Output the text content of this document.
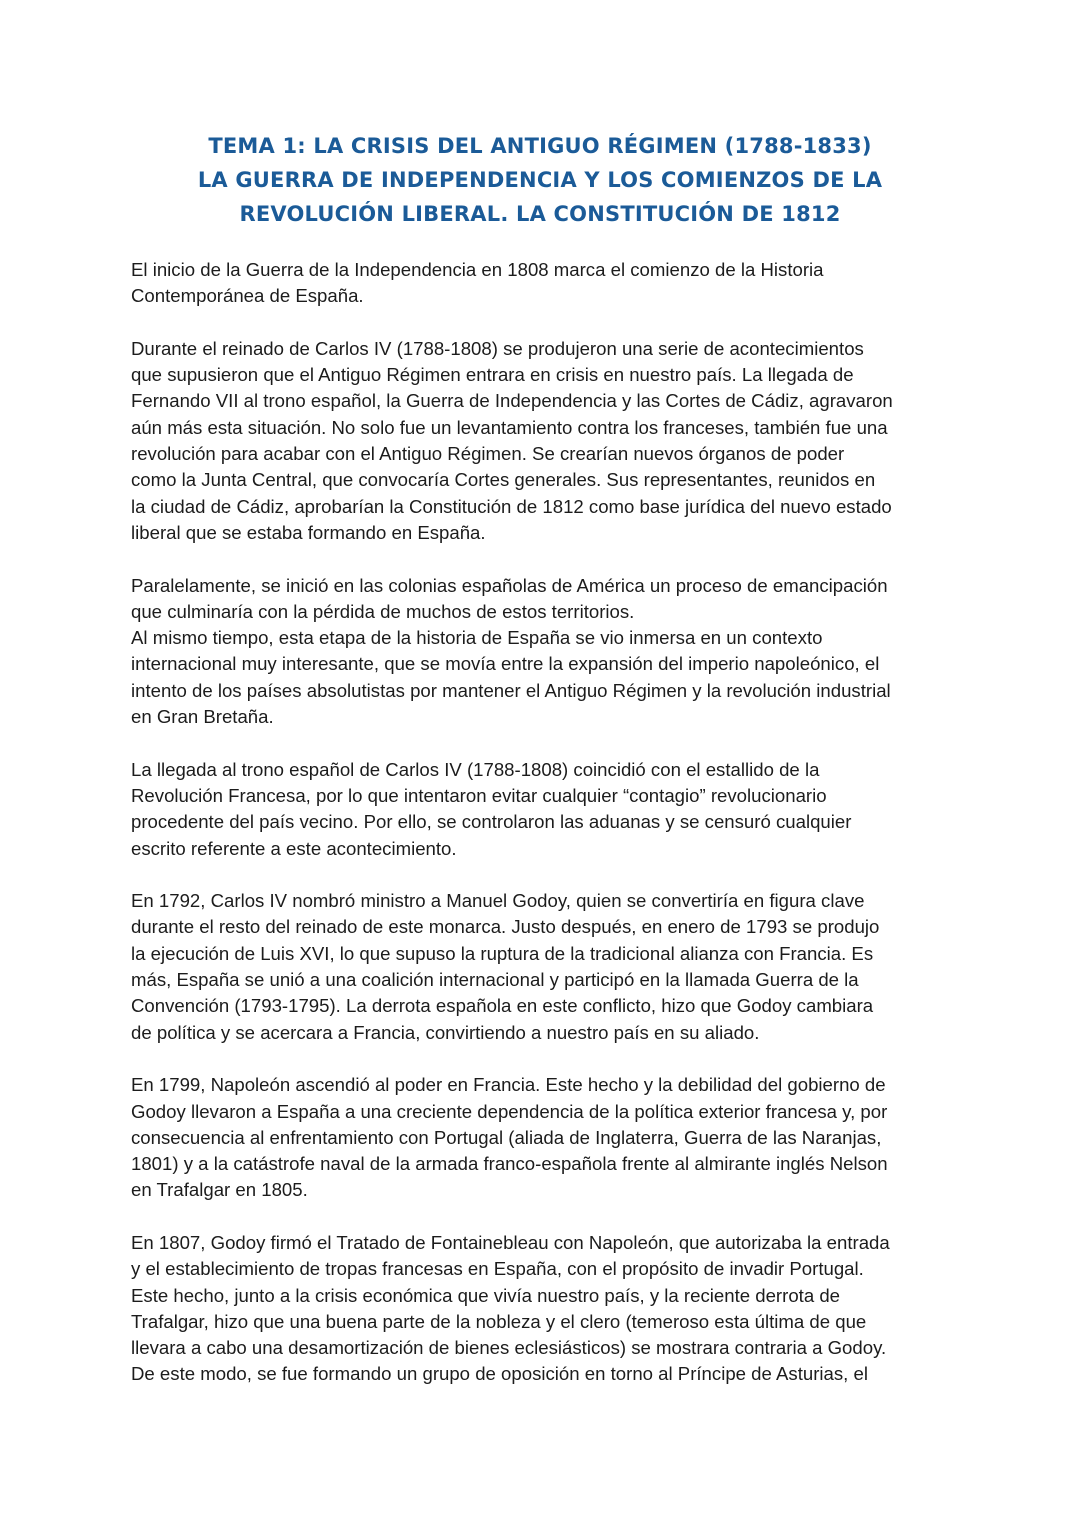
TEMA 1: LA CRISIS DEL ANTIGUO RÉGIMEN (1788-1833)
LA GUERRA DE INDEPENDENCIA Y LOS COMIENZOS DE LA
REVOLUCIÓN LIBERAL. LA CONSTITUCIÓN DE 1812
El inicio de la Guerra de la Independencia en 1808 marca el comienzo de la Historia
Contemporánea de España.
Durante el reinado de Carlos IV (1788-1808) se produjeron una serie de acontecimientos
que supusieron que el Antiguo Régimen entrara en crisis en nuestro país. La llegada de
Fernando VII al trono español, la Guerra de Independencia y las Cortes de Cádiz, agravaron
aún más esta situación. No solo fue un levantamiento contra los franceses, también fue una
revolución para acabar con el Antiguo Régimen. Se crearían nuevos órganos de poder
como la Junta Central, que convocaría Cortes generales. Sus representantes, reunidos en
la ciudad de Cádiz, aprobarían la Constitución de 1812 como base jurídica del nuevo estado
liberal que se estaba formando en España.
Paralelamente, se inició en las colonias españolas de América un proceso de emancipación
que culminaría con la pérdida de muchos de estos territorios.
Al mismo tiempo, esta etapa de la historia de España se vio inmersa en un contexto
internacional muy interesante, que se movía entre la expansión del imperio napoleónico, el
intento de los países absolutistas por mantener el Antiguo Régimen y la revolución industrial
en Gran Bretaña.
La llegada al trono español de Carlos IV (1788-1808) coincidió con el estallido de la
Revolución Francesa, por lo que intentaron evitar cualquier “contagio” revolucionario
procedente del país vecino. Por ello, se controlaron las aduanas y se censuró cualquier
escrito referente a este acontecimiento.
En 1792, Carlos IV nombró ministro a Manuel Godoy, quien se convertiría en figura clave
durante el resto del reinado de este monarca. Justo después, en enero de 1793 se produjo
la ejecución de Luis XVI, lo que supuso la ruptura de la tradicional alianza con Francia. Es
más, España se unió a una coalición internacional y participó en la llamada Guerra de la
Convención (1793-1795). La derrota española en este conflicto, hizo que Godoy cambiara
de política y se acercara a Francia, convirtiendo a nuestro país en su aliado.
En 1799, Napoleón ascendió al poder en Francia. Este hecho y la debilidad del gobierno de
Godoy llevaron a España a una creciente dependencia de la política exterior francesa y, por
consecuencia al enfrentamiento con Portugal (aliada de Inglaterra, Guerra de las Naranjas,
1801) y a la catástrofe naval de la armada franco-española frente al almirante inglés Nelson
en Trafalgar en 1805.
En 1807, Godoy firmó el Tratado de Fontainebleau con Napoleón, que autorizaba la entrada
y el establecimiento de tropas francesas en España, con el propósito de invadir Portugal.
Este hecho, junto a la crisis económica que vivía nuestro país, y la reciente derrota de
Trafalgar, hizo que una buena parte de la nobleza y el clero (temeroso esta última de que
llevara a cabo una desamortización de bienes eclesiásticos) se mostrara contraria a Godoy.
De este modo, se fue formando un grupo de oposición en torno al Príncipe de Asturias, el
